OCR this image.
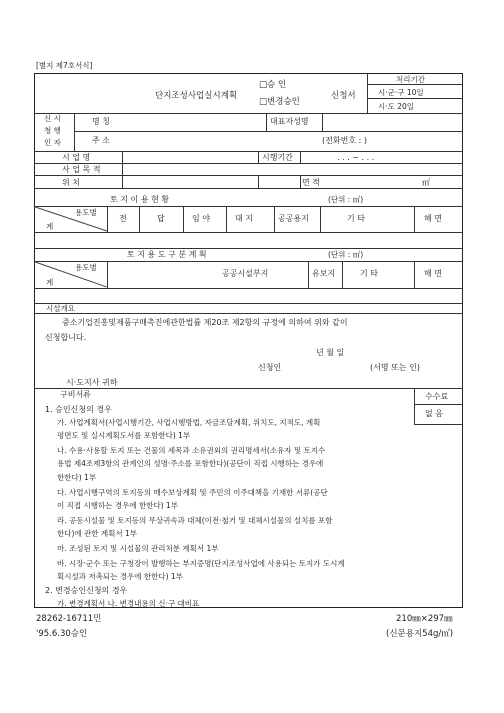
[별지 제7호서식]
단지조성사업실시계획
□승 인
□변경승인
신청서
처리기간
시·군·구 10일
시·도 20일
신 시
청 행
인 자
명 칭	대표자성명
주 소	(전화번호 : )
시 업 명	시행기간	. . . ~ . . .
사 업 목 적
위 치	면 적	㎡
토 지 이 용 현 황	(단위 : ㎡)
용도별
계
전	답	임 야	대 지	공공용지	기 타	해 면
토 지 용 도 구 분 계 획	(단위 : ㎡)
용도별
계
공공시설부지	유보지	기 타	해 면
시설개요
중소기업진흥및제품구매촉진에관한법률 제20조 제2항의 규정에 의하여 위와 같이
신청합니다.
년 월 일
신청인	(서명 또는 인)
시·도지사 귀하
구비서류	수수료
없 음
1. 승인신청의 경우
가. 사업계획서(사업시행기간, 사업시행방법, 자금조달계획, 위치도, 지적도, 계획
평면도 및 실시계획도서를 포함한다) 1부
나. 수용·사용할 토지 또는 건물의 세목과 소유권외의 권리명세서(소유자 및 토지수
용법 제4조제3항의 관계인의 성명·주소를 포함한다)(공단이 직접 시행하는 경우에
한한다) 1부
다. 사업시행구역의 토지등의 매수보상계획 및 주민의 이주대책을 기재한 서류(공단
이 직접 시행하는 경우에 한한다) 1부
라. 공동시설물 및 토지등의 무상귀속과 대체(이전·철거 및 대체시설물의 설치를 포함
한다)에 관한 계획서 1부
마. 조성된 토지 및 시설물의 관리처분 계획서 1부
바. 시장·군수 또는 구청장이 발행하는 부지증명(단지조성사업에 사용되는 토지가 도시계
획시설과 저촉되는 경우에 한한다) 1부
2. 변경승인신청의 경우
가. 변경계획서 나. 변경내용의 신·구 대비표
28262-16711민	210㎜×297㎜
'95.6.30승인	(신문용지54g/㎡)
